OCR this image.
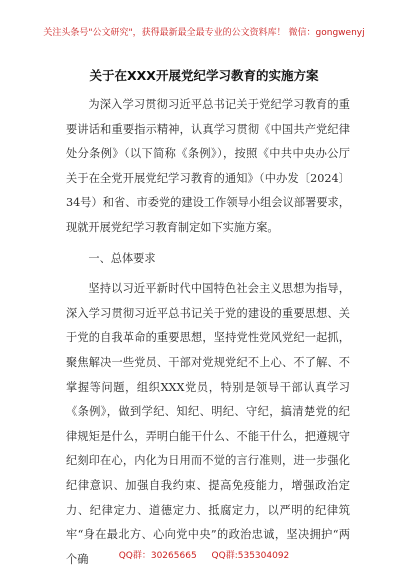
关注头条号"公文研究"，获得最新最全最专业的公文资料库！ 微信：gongwenyj
关于在XXX开展党纪学习教育的实施方案

为深入学习贯彻习近平总书记关于党纪学习教育的重要讲话和重要指示精神，认真学习贯彻《中国共产党纪律处分条例》（以下简称《条例》），按照《中共中央办公厅关于在全党开展党纪学习教育的通知》（中办发〔2024〕34号）和省、市委党的建设工作领导小组会议部署要求，现就开展党纪学习教育制定如下实施方案。

一、总体要求

坚持以习近平新时代中国特色社会主义思想为指导，深入学习贯彻习近平总书记关于党的建设的重要思想、关于党的自我革命的重要思想，坚持党性党风党纪一起抓，聚焦解决一些党员、干部对党规党纪不上心、不了解、不掌握等问题，组织XXX党员，特别是领导干部认真学习《条例》，做到学纪、知纪、明纪、守纪，搞清楚党的纪律规矩是什么，弄明白能干什么、不能干什么，把遵规守纪刻印在心，内化为日用而不觉的言行准则，进一步强化纪律意识、加强自我约束、提高免疫能力，增强政治定力、纪律定力、道德定力、抵腐定力，以严明的纪律筑牢“身在最北方、心向党中央”的政治忠诚，坚决拥护“两个确	QQ群：30265665 QQ群:535304092
